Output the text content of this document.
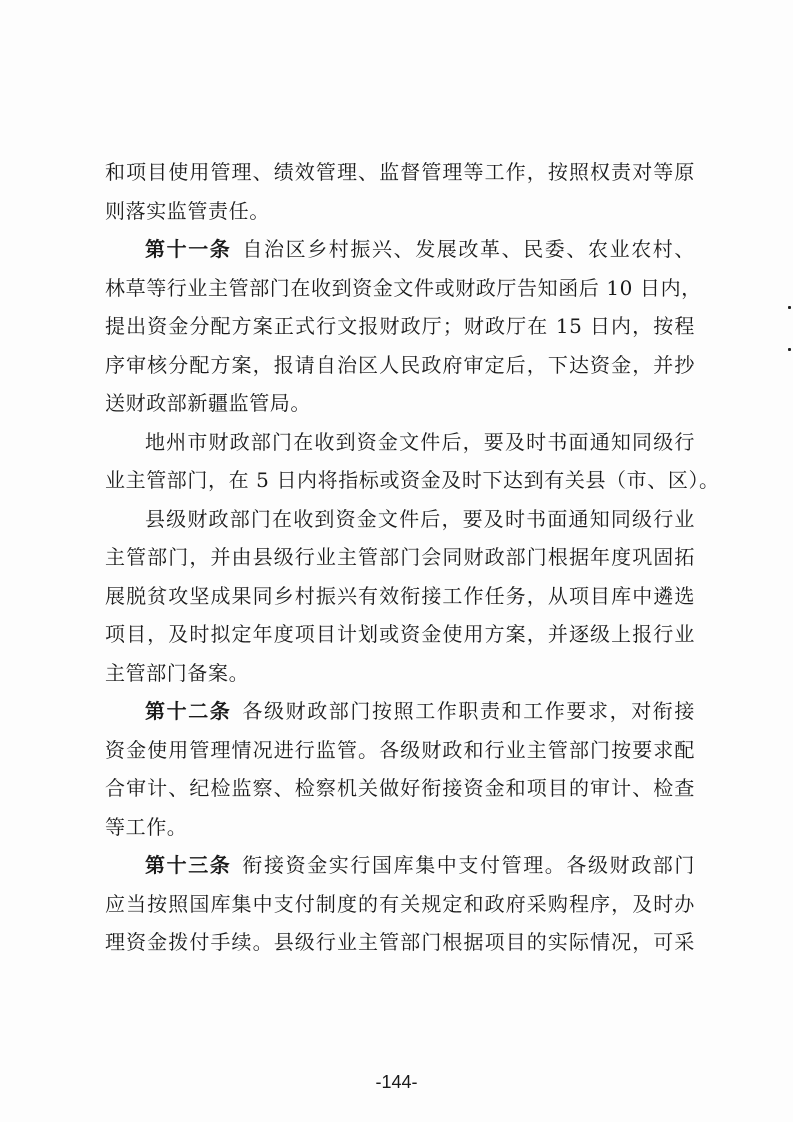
和项目使用管理、绩效管理、监督管理等工作，按照权责对等原
则落实监管责任。
第十一条 自治区乡村振兴、发展改革、民委、农业农村、
林草等行业主管部门在收到资金文件或财政厅告知函后 10 日内，
提出资金分配方案正式行文报财政厅；财政厅在 15 日内，按程
序审核分配方案，报请自治区人民政府审定后，下达资金，并抄
送财政部新疆监管局。
地州市财政部门在收到资金文件后，要及时书面通知同级行
业主管部门，在 5 日内将指标或资金及时下达到有关县（市、区）。
县级财政部门在收到资金文件后，要及时书面通知同级行业
主管部门，并由县级行业主管部门会同财政部门根据年度巩固拓
展脱贫攻坚成果同乡村振兴有效衔接工作任务，从项目库中遴选
项目，及时拟定年度项目计划或资金使用方案，并逐级上报行业
主管部门备案。
第十二条 各级财政部门按照工作职责和工作要求，对衔接
资金使用管理情况进行监管。各级财政和行业主管部门按要求配
合审计、纪检监察、检察机关做好衔接资金和项目的审计、检查
等工作。
第十三条 衔接资金实行国库集中支付管理。各级财政部门
应当按照国库集中支付制度的有关规定和政府采购程序，及时办
理资金拨付手续。县级行业主管部门根据项目的实际情况，可采
-144-
